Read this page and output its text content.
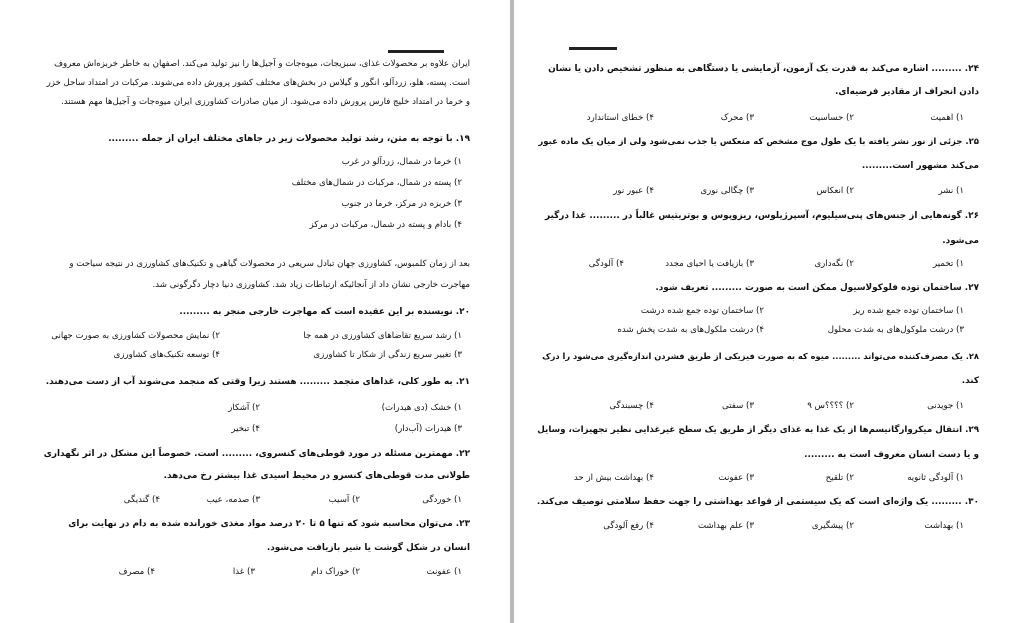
ایران علاوه بر محصولات غذای، سبزیجات، میوه‌جات و آجیل‌ها را نیز تولید می‌کند. اصفهان به خاطر خربزه‌اش معروف
است. پسته، هلو، زردآلو، انگور و گیلاس در بخش‌های مختلف کشور پرورش داده می‌شوند. مرکبات در امتداد ساحل خزر
و خرما در امتداد خلیج فارس پرورش داده می‌شود. از میان صادرات کشاورزی ایران میوه‌جات و آجیل‌ها مهم هستند.
۱۹. با توجه به متن، رشد تولید محصولات زیر در جاهای مختلف ایران از جمله .........
۱) خرما در شمال، زردآلو در غرب
۲) پسته در شمال، مرکبات در شمال‌های مختلف
۳) خربزه در مرکز، خرما در جنوب
۴) بادام و پسته در شمال، مرکبات در مرکز
بعد از زمان کلمبوس، کشاورزی جهان تبادل سریعی در محصولات گیاهی و تکنیک‌های کشاورزی در نتیجه سیاحت و
مهاجرت خارجی نشان داد از آنجائیکه ارتباطات زیاد شد. کشاورزی دنیا دچار دگرگونی شد.
۲۰. نویسنده بر این عقیده است که مهاجرت خارجی منجر به .........
۱) رشد سریع تقاضاهای کشاورزی در همه جا
۲) نمایش محصولات کشاورزی به صورت جهانی
۳) تغییر سریع زندگی از شکار تا کشاورزی
۴) توسعه تکنیک‌های کشاورزی
۲۱. به طور کلی، غذاهای متجمد ......... هستند زیرا وقتی که منجمد می‌شوند آب از دست می‌دهند.
۱) خشک (دی هیدرات)
۲) آشکار
۳) هیدرات (آب‌دار)
۴) تبخیر
۲۲. مهمترین مسئله در مورد قوطی‌های کنسروی، ......... است. خصوصاً این مشکل در اثر نگهداری
طولانی مدت قوطی‌های کنسرو در محیط اسیدی غذا بیشتر رخ می‌دهد.
۱) خوردگی
۲) آسیب
۳) صدمه، عیب
۴) گندیگی
۲۳. می‌توان محاسبه شود که تنها ۵ تا ۲۰ درصد مواد مغذی خورانده شده به دام در نهایت برای
انسان در شکل گوشت یا شیر بازیافت می‌شود.
۱) عفونت
۲) خوراک دام
۳) غذا
۴) مصرف
۲۴. ......... اشاره می‌کند به قدرت یک آزمون، آزمایشی یا دستگاهی به منظور تشخیص دادن یا نشان
دادن انحراف از مقادیر فرضیه‌ای.
۱) اهمیت
۲) حساسیت
۳) محرک
۴) خطای استاندارد
۲۵. جزئی از نور نشر یافته با یک طول موج مشخص که منعکس یا جذب نمی‌شود ولی از میان یک ماده عبور
می‌کند مشهور است.........
۱) نشر
۲) انعکاس
۳) چگالی نوری
۴) عبور نور
۲۶. گونه‌هایی از جنس‌های پنی‌سیلیوم، آسپرژیلوس، ریزوپوس و بوتریتیس غالباً در ......... غذا درگیر
می‌شود.
۱) تخمیر
۲) نگه‌داری
۳) بازیافت یا احیای مجدد
۴) آلودگی
۲۷. ساختمان توده فلوکولاسیول ممکن است به صورت ......... تعریف شود.
۱) ساختمان توده جمع شده ریز
۲) ساختمان توده جمع شده درشت
۳) درشت ملوکول‌های به شدت محلول
۴) درشت ملکول‌های به شدت پخش شده
۲۸. یک مصرف‌کننده می‌تواند ......... میوه که به صورت فیزیکی از طریق فشردن اندازه‌گیری می‌شود را درک
کند.
۱) جویدنی
۲) ؟؟؟؟س ۹
۳) سفتی
۴) چسبندگی
۲۹. انتقال میکروارگانیسم‌ها از یک غذا به غذای دیگر از طریق یک سطح غیرغذایی نظیر تجهیزات، وسایل
و یا دست انسان معروف است به .........
۱) آلودگی ثانویه
۲) تلقیح
۳) عفونت
۴) بهداشت بیش از حد
۳۰. ......... یک واژه‌ای است که یک سیستمی از قواعد بهداشتی را جهت حفظ سلامتی توصیف می‌کند.
۱) بهداشت
۲) پیشگیری
۳) علم بهداشت
۴) رفع آلودگی
